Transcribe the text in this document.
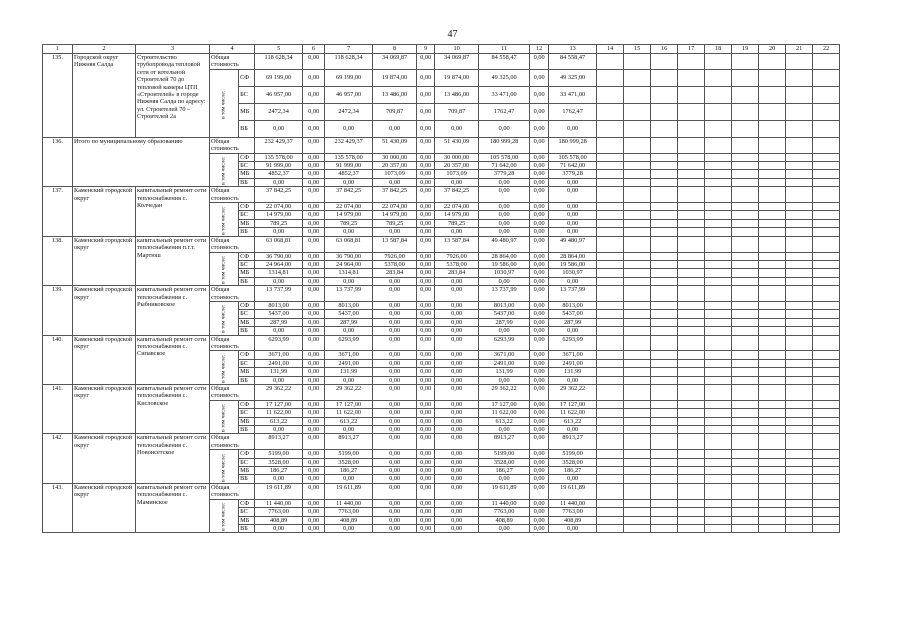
47
1	2	3	4		5	6	7	8	9	10	11	12	13	14	15	16	17	18	19	20	21	22
135.	Городской округ Нижняя Салда	Строительство трубопровода тепловой сети от котельной Строителей 70 до тепловой камеры ЦТП «Строителей» в городе Нижняя Салда по адресу: ул. Строителей 70 – Строителей 2а	Общая стоимость		118 628,34	0,00	118 628,34	34 069,87	0,00	34 069,87	84 558,47	0,00	84 558,47									
			в том числе:	СФ	69 199,00	0,00	69 199,00	19 874,00	0,00	19 874,00	49 325,00	0,00	49 325,00									
				БС	46 957,00	0,00	46 957,00	13 486,00	0,00	13 486,00	33 471,00	0,00	33 471,00									
				МБ	2472,34	0,00	2472,34	709,87	0,00	709,87	1762,47	0,00	1762,47									
				ВБ	0,00	0,00	0,00	0,00	0,00	0,00	0,00	0,00	0,00									
136.	Итого по муниципальному образованию		Общая стоимость		232 429,37	0,00	232 429,37	51 430,09	0,00	51 430,09	180 999,28	0,00	180 999,28									
			в том числе:	СФ	135 578,00	0,00	135 578,00	30 000,00	0,00	30 000,00	105 578,00	0,00	105 578,00									
				БС	91 999,00	0,00	91 999,00	20 357,00	0,00	20 357,00	71 642,00	0,00	71 642,00									
				МБ	4852,37	0,00	4852,37	1073,09	0,00	1073,09	3779,28	0,00	3779,28									
				ВБ	0,00	0,00	0,00	0,00	0,00	0,00	0,00	0,00	0,00									
137.	Каменский городской округ	капитальный ремонт сети теплоснабжения с. Колчедан	Общая стоимость		37 842,25	0,00	37 842,25	37 842,25	0,00	37 842,25	0,00	0,00	0,00									
			в том числе:	СФ	22 074,00	0,00	22 074,00	22 074,00	0,00	22 074,00	0,00	0,00	0,00									
				БС	14 979,00	0,00	14 979,00	14 979,00	0,00	14 979,00	0,00	0,00	0,00									
				МБ	789,25	0,00	789,25	789,25	0,00	789,25	0,00	0,00	0,00									
				ВБ	0,00	0,00	0,00	0,00	0,00	0,00	0,00	0,00	0,00									
138.	Каменский городской округ	капитальный ремонт сети теплоснабжения п.г.т. Мартюш	Общая стоимость		63 068,81	0,00	63 068,81	13 587,84	0,00	13 587,84	49 480,97	0,00	49 480,97									
			в том числе:	СФ	36 790,00	0,00	36 790,00	7926,00	0,00	7926,00	28 864,00	0,00	28 864,00									
				БС	24 964,00	0,00	24 964,00	5378,00	0,00	5378,00	19 586,00	0,00	19 586,00									
				МБ	1314,81	0,00	1314,81	283,84	0,00	283,84	1030,97	0,00	1030,97									
				ВБ	0,00	0,00	0,00	0,00	0,00	0,00	0,00	0,00	0,00									
139.	Каменский городской округ	капитальный ремонт сети теплоснабжения с. Рыбниковское	Общая стоимость		13 737,99	0,00	13 737,99	0,00	0,00	0,00	13 737,99	0,00	13 737,99									
			в том числе:	СФ	8013,00	0,00	8013,00	0,00	0,00	0,00	8013,00	0,00	8013,00									
				БС	5437,00	0,00	5437,00	0,00	0,00	0,00	5437,00	0,00	5437,00									
				МБ	287,99	0,00	287,99	0,00	0,00	0,00	287,99	0,00	287,99									
				ВБ	0,00	0,00	0,00	0,00	0,00	0,00	0,00	0,00	0,00									
140.	Каменский городской округ	капитальный ремонт сети теплоснабжения с. Сипавское	Общая стоимость		6293,99	0,00	6293,99	0,00	0,00	0,00	6293,99	0,00	6293,99									
			в том числе:	СФ	3671,00	0,00	3671,00	0,00	0,00	0,00	3671,00	0,00	3671,00									
				БС	2491,00	0,00	2491,00	0,00	0,00	0,00	2491,00	0,00	2491,00									
				МБ	131,99	0,00	131,99	0,00	0,00	0,00	131,99	0,00	131,99									
				ВБ	0,00	0,00	0,00	0,00	0,00	0,00	0,00	0,00	0,00									
141.	Каменский городской округ	капитальный ремонт сети теплоснабжения с. Кисловское	Общая стоимость		29 362,22	0,00	29 362,22	0,00	0,00	0,00	29 362,22	0,00	29 362,22									
			в том числе:	СФ	17 127,00	0,00	17 127,00	0,00	0,00	0,00	17 127,00	0,00	17 127,00									
				БС	11 622,00	0,00	11 622,00	0,00	0,00	0,00	11 622,00	0,00	11 622,00									
				МБ	613,22	0,00	613,22	0,00	0,00	0,00	613,22	0,00	613,22									
				ВБ	0,00	0,00	0,00	0,00	0,00	0,00	0,00	0,00	0,00									
142.	Каменский городской округ	капитальный ремонт сети теплоснабжения с. Новоисетское	Общая стоимость		8913,27	0,00	8913,27	0,00	0,00	0,00	8913,27	0,00	8913,27									
			в том числе:	СФ	5199,00	0,00	5199,00	0,00	0,00	0,00	5199,00	0,00	5199,00									
				БС	3528,00	0,00	3528,00	0,00	0,00	0,00	3528,00	0,00	3528,00									
				МБ	186,27	0,00	186,27	0,00	0,00	0,00	186,27	0,00	186,27									
				ВБ	0,00	0,00	0,00	0,00	0,00	0,00	0,00	0,00	0,00									
143.	Каменский городской округ	капитальный ремонт сети теплоснабжения с. Маминское	Общая стоимость		19 611,89	0,00	19 611,89	0,00	0,00	0,00	19 611,89	0,00	19 611,89									
			в том числе:	СФ	11 440,00	0,00	11 440,00	0,00	0,00	0,00	11 440,00	0,00	11 440,00									
				БС	7763,00	0,00	7763,00	0,00	0,00	0,00	7763,00	0,00	7763,00									
				МБ	408,89	0,00	408,89	0,00	0,00	0,00	408,89	0,00	408,89									
				ВБ	0,00	0,00	0,00	0,00	0,00	0,00	0,00	0,00	0,00									
